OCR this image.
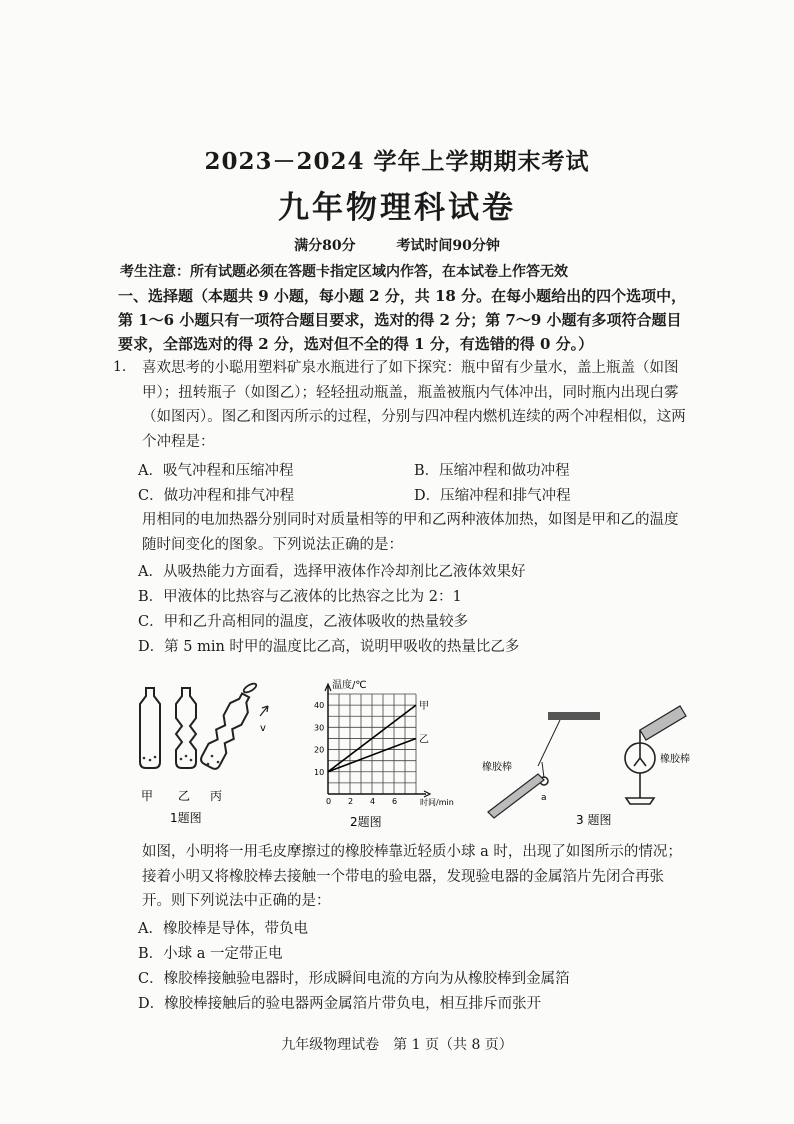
2023－2024 学年上学期期末考试
九年物理科试卷
满分80分	考试时间90分钟
考生注意：所有试题必须在答题卡指定区域内作答，在本试卷上作答无效
一、选择题（本题共 9 小题，每小题 2 分，共 18 分。在每小题给出的四个选项中，第 1～6 小题只有一项符合题目要求，选对的得 2 分；第 7～9 小题有多项符合题目要求，全部选对的得 2 分，选对但不全的得 1 分，有选错的得 0 分。）
1. 喜欢思考的小聪用塑料矿泉水瓶进行了如下探究：瓶中留有少量水，盖上瓶盖（如图甲）；扭转瓶子（如图乙）；轻轻扭动瓶盖，瓶盖被瓶内气体冲出，同时瓶内出现白雾（如图丙）。图乙和图丙所示的过程，分别与四冲程内燃机连续的两个冲程相似，这两个冲程是：
A．吸气冲程和压缩冲程	B．压缩冲程和做功冲程
C．做功冲程和排气冲程	D．压缩冲程和排气冲程
用相同的电加热器分别同时对质量相等的甲和乙两种液体加热，如图是甲和乙的温度随时间变化的图象。下列说法正确的是：
A．从吸热能力方面看，选择甲液体作冷却剂比乙液体效果好
B．甲液体的比热容与乙液体的比热容之比为 2：1
C．甲和乙升高相同的温度，乙液体吸收的热量较多
D．第 5 min 时甲的温度比乙高，说明甲吸收的热量比乙多
v
甲 乙 丙
1题图
甲
乙
10
20
30
40
0 2 4 6
温度/℃
时间/min
2题图
a
橡胶棒
橡胶棒
3 题图
如图，小明将一用毛皮摩擦过的橡胶棒靠近轻质小球 a 时，出现了如图所示的情况；接着小明又将橡胶棒去接触一个带电的验电器，发现验电器的金属箔片先闭合再张开。则下列说法中正确的是：
A．橡胶棒是导体，带负电
B．小球 a 一定带正电
C．橡胶棒接触验电器时，形成瞬间电流的方向为从橡胶棒到金属箔
D．橡胶棒接触后的验电器两金属箔片带负电，相互排斥而张开
九年级物理试卷　第 1 页（共 8 页）
